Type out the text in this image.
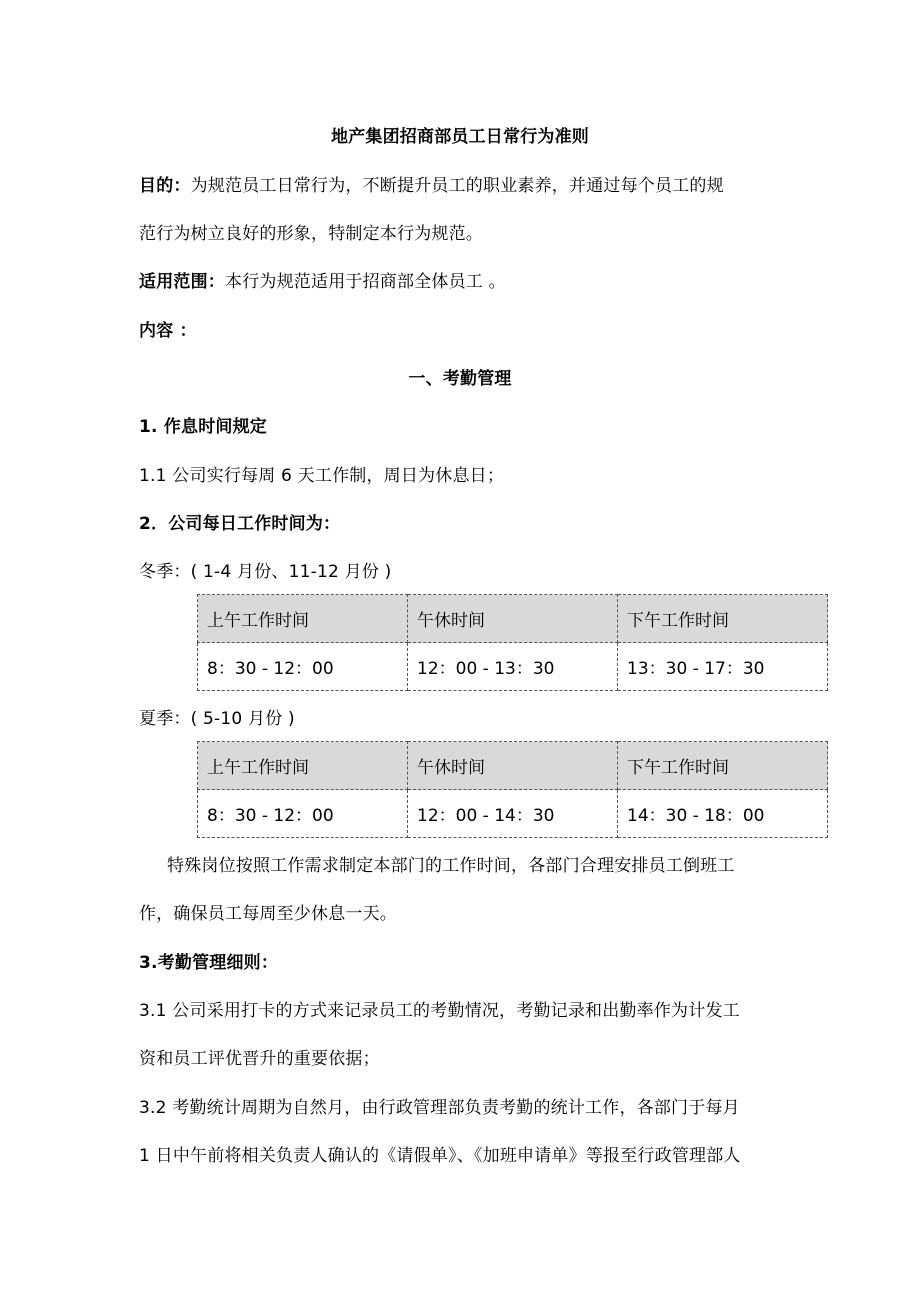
地产集团招商部员工日常行为准则
目的：为规范员工日常行为，不断提升员工的职业素养，并通过每个员工的规
范行为树立良好的形象，特制定本行为规范。
适用范围：本行为规范适用于招商部全体员工 。
内容 ：
一、考勤管理
1. 作息时间规定
1.1 公司实行每周 6 天工作制，周日为休息日；
2．公司每日工作时间为：
冬季：( 1-4 月份、11-12 月份 )
上午工作时间	午休时间	下午工作时间
8：30 - 12：00	12：00 - 13：30	13：30 - 17：30
夏季：( 5-10 月份 )
上午工作时间	午休时间	下午工作时间
8：30 - 12：00	12：00 - 14：30	14：30 - 18：00
特殊岗位按照工作需求制定本部门的工作时间，各部门合理安排员工倒班工
作，确保员工每周至少休息一天。
3.考勤管理细则：
3.1 公司采用打卡的方式来记录员工的考勤情况，考勤记录和出勤率作为计发工
资和员工评优晋升的重要依据；
3.2 考勤统计周期为自然月，由行政管理部负责考勤的统计工作，各部门于每月
1 日中午前将相关负责人确认的《请假单》、《加班申请单》等报至行政管理部人
